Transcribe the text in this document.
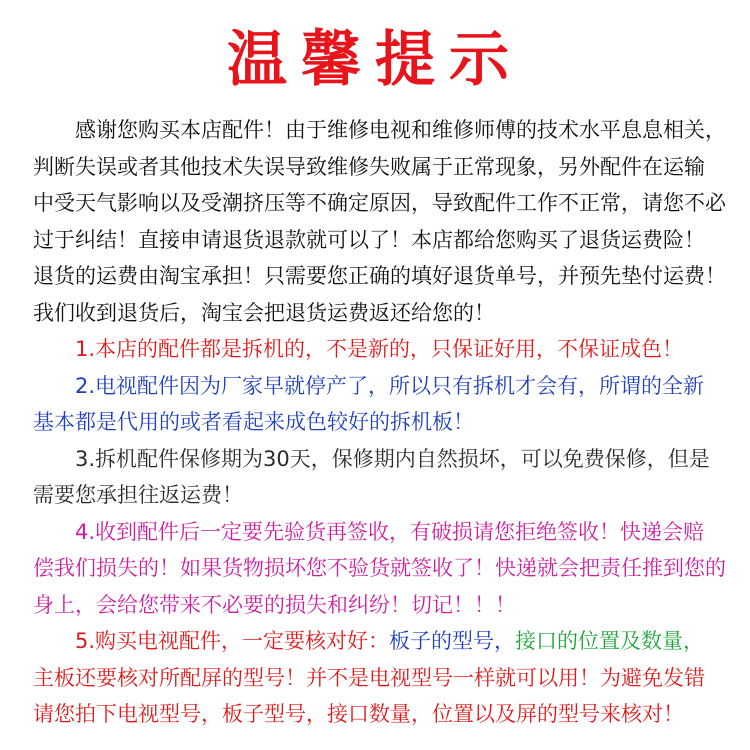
温馨提示
感谢您购买本店配件！由于维修电视和维修师傅的技术水平息息相关，
判断失误或者其他技术失误导致维修失败属于正常现象，另外配件在运输
中受天气影响以及受潮挤压等不确定原因，导致配件工作不正常，请您不必
过于纠结！直接申请退货退款就可以了！本店都给您购买了退货运费险！
退货的运费由淘宝承担！只需要您正确的填好退货单号，并预先垫付运费！
我们收到退货后，淘宝会把退货运费返还给您的！
1.本店的配件都是拆机的，不是新的，只保证好用，不保证成色！
2.电视配件因为厂家早就停产了，所以只有拆机才会有，所谓的全新
基本都是代用的或者看起来成色较好的拆机板！
3.拆机配件保修期为30天，保修期内自然损坏，可以免费保修，但是
需要您承担往返运费！
4.收到配件后一定要先验货再签收，有破损请您拒绝签收！快递会赔
偿我们损失的！如果货物损坏您不验货就签收了！快递就会把责任推到您的
身上，会给您带来不必要的损失和纠纷！切记！！！
5.购买电视配件，一定要核对好：板子的型号，接口的位置及数量，
主板还要核对所配屏的型号！并不是电视型号一样就可以用！为避免发错
请您拍下电视型号，板子型号，接口数量，位置以及屏的型号来核对！
